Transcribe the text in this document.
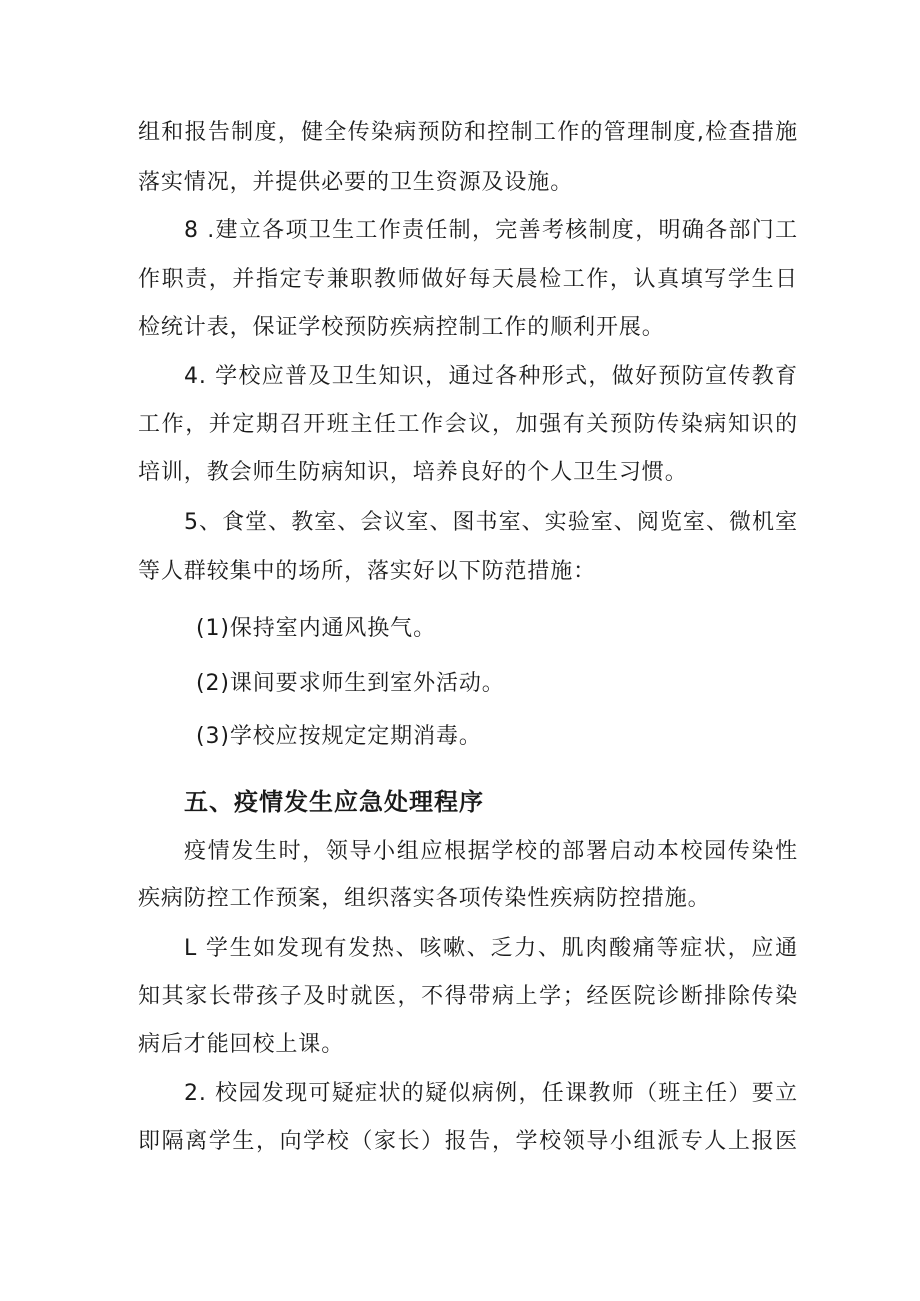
组和报告制度，健全传染病预防和控制工作的管理制度,检查措施
落实情况，并提供必要的卫生资源及设施。
8 .建立各项卫生工作责任制，完善考核制度，明确各部门工
作职责，并指定专兼职教师做好每天晨检工作，认真填写学生日
检统计表，保证学校预防疾病控制工作的顺利开展。
4. 学校应普及卫生知识，通过各种形式，做好预防宣传教育
工作，并定期召开班主任工作会议，加强有关预防传染病知识的
培训，教会师生防病知识，培养良好的个人卫生习惯。
5、食堂、教室、会议室、图书室、实验室、阅览室、微机室
等人群较集中的场所，落实好以下防范措施：
(1)保持室内通风换气。
(2)课间要求师生到室外活动。
(3)学校应按规定定期消毒。
五、疫情发生应急处理程序
疫情发生时，领导小组应根据学校的部署启动本校园传染性
疾病防控工作预案，组织落实各项传染性疾病防控措施。
L 学生如发现有发热、咳嗽、乏力、肌肉酸痛等症状，应通
知其家长带孩子及时就医，不得带病上学；经医院诊断排除传染
病后才能回校上课。
2. 校园发现可疑症状的疑似病例，任课教师（班主任）要立
即隔离学生，向学校（家长）报告，学校领导小组派专人上报医
